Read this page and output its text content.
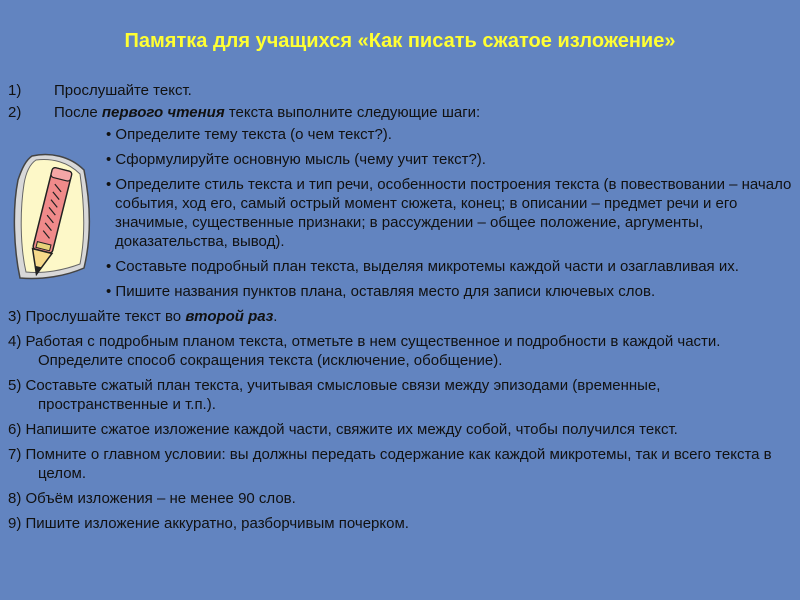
Памятка для учащихся «Как писать сжатое изложение»
1)	Прослушайте текст.
2)	После первого чтения текста выполните следующие шаги:
• Определите тему текста (о чем текст?).
• Сформулируйте основную мысль (чему учит текст?).
• Определите стиль текста и тип речи, особенности построения текста (в повествовании – начало события, ход его, самый острый момент сюжета, конец; в описании – предмет речи и его значимые, существенные признаки; в рассуждении – общее положение, аргументы, доказательства, вывод).
• Составьте подробный план текста, выделяя микротемы каждой части и озаглавливая их.
• Пишите названия пунктов плана, оставляя место для записи ключевых слов.
3) Прослушайте текст во второй раз.
4) Работая с подробным планом текста, отметьте в нем существенное и подробности в каждой части. Определите способ сокращения текста (исключение, обобщение).
5) Составьте сжатый план текста, учитывая смысловые связи между эпизодами (временные, пространственные и т.п.).
6) Напишите сжатое изложение каждой части, свяжите их между собой, чтобы получился текст.
7) Помните о главном условии: вы должны передать содержание как каждой микротемы, так и всего текста в целом.
8) Объём изложения – не менее 90 слов.
9) Пишите изложение аккуратно, разборчивым почерком.
